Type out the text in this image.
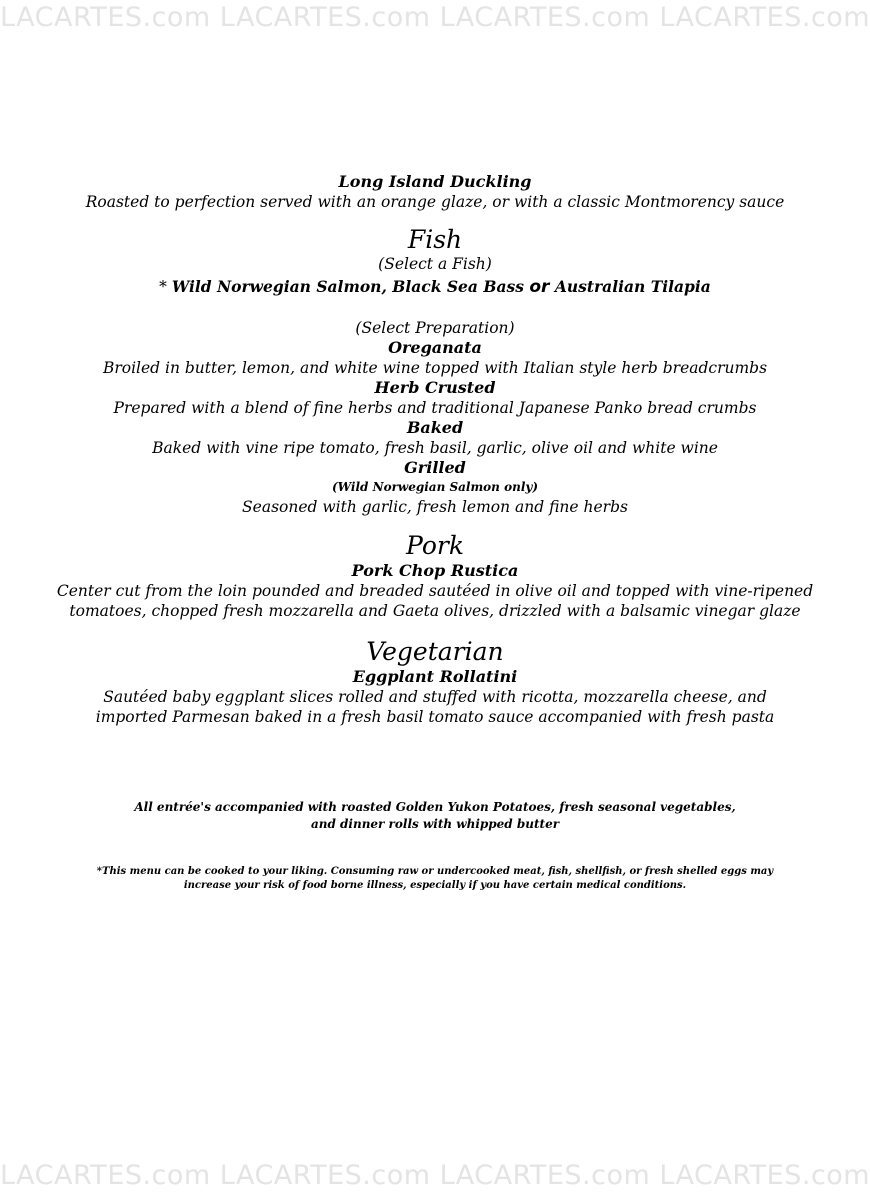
LACARTES.com LACARTES.com LACARTES.com LACARTES.com
Long Island Duckling
Roasted to perfection served with an orange glaze, or with a classic Montmorency sauce
Fish
(Select a Fish)
* Wild Norwegian Salmon, Black Sea Bass or Australian Tilapia
(Select Preparation)
Oreganata
Broiled in butter, lemon, and white wine topped with Italian style herb breadcrumbs
Herb Crusted
Prepared with a blend of fine herbs and traditional Japanese Panko bread crumbs
Baked
Baked with vine ripe tomato, fresh basil, garlic, olive oil and white wine
Grilled
(Wild Norwegian Salmon only)
Seasoned with garlic, fresh lemon and fine herbs
Pork
Pork Chop Rustica
Center cut from the loin pounded and breaded sautéed in olive oil and topped with vine-ripened
tomatoes, chopped fresh mozzarella and Gaeta olives, drizzled with a balsamic vinegar glaze
Vegetarian
Eggplant Rollatini
Sautéed baby eggplant slices rolled and stuffed with ricotta, mozzarella cheese, and
imported Parmesan baked in a fresh basil tomato sauce accompanied with fresh pasta
All entrée's accompanied with roasted Golden Yukon Potatoes, fresh seasonal vegetables,
and dinner rolls with whipped butter
*This menu can be cooked to your liking. Consuming raw or undercooked meat, fish, shellfish, or fresh shelled eggs may
increase your risk of food borne illness, especially if you have certain medical conditions.
LACARTES.com LACARTES.com LACARTES.com LACARTES.com
